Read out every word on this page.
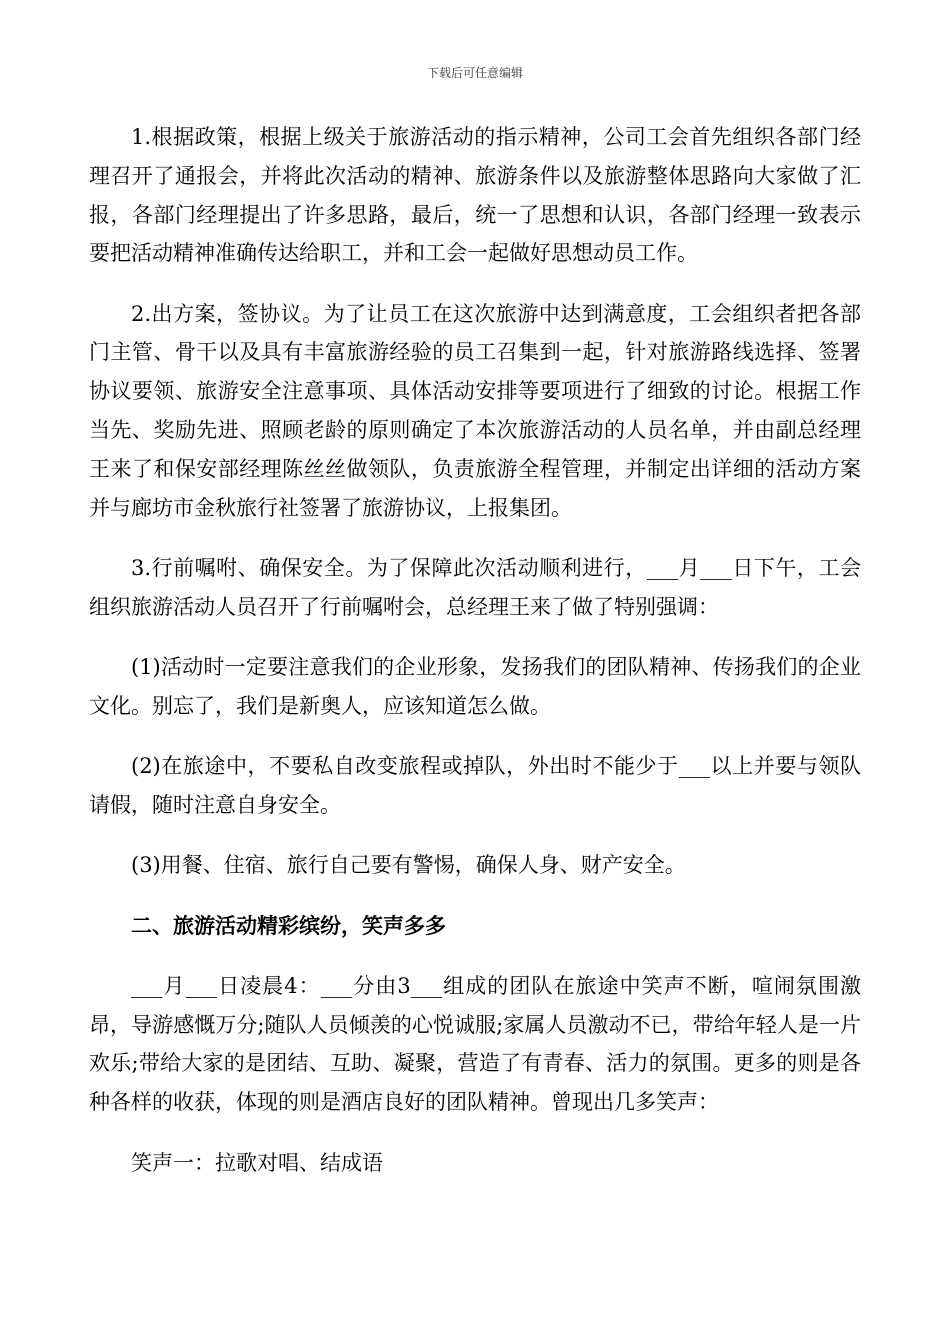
下载后可任意编辑

1.根据政策，根据上级关于旅游活动的指示精神，公司工会首先组织各部门经理召开了通报会，并将此次活动的精神、旅游条件以及旅游整体思路向大家做了汇报，各部门经理提出了许多思路，最后，统一了思想和认识，各部门经理一致表示要把活动精神准确传达给职工，并和工会一起做好思想动员工作。

2.出方案，签协议。为了让员工在这次旅游中达到满意度，工会组织者把各部门主管、骨干以及具有丰富旅游经验的员工召集到一起，针对旅游路线选择、签署协议要领、旅游安全注意事项、具体活动安排等要项进行了细致的讨论。根据工作当先、奖励先进、照顾老龄的原则确定了本次旅游活动的人员名单，并由副总经理王来了和保安部经理陈丝丝做领队，负责旅游全程管理，并制定出详细的活动方案并与廊坊市金秋旅行社签署了旅游协议，上报集团。

3.行前嘱咐、确保安全。为了保障此次活动顺利进行，___月___日下午，工会组织旅游活动人员召开了行前嘱咐会，总经理王来了做了特别强调：

(1)活动时一定要注意我们的企业形象，发扬我们的团队精神、传扬我们的企业文化。别忘了，我们是新奥人，应该知道怎么做。

(2)在旅途中，不要私自改变旅程或掉队，外出时不能少于___以上并要与领队请假，随时注意自身安全。

(3)用餐、住宿、旅行自己要有警惕，确保人身、财产安全。

二、旅游活动精彩缤纷，笑声多多

___月___日凌晨4：___分由3___组成的团队在旅途中笑声不断，喧闹氛围激昂，导游感慨万分;随队人员倾羡的心悦诚服;家属人员激动不已，带给年轻人是一片欢乐;带给大家的是团结、互助、凝聚，营造了有青春、活力的氛围。更多的则是各种各样的收获，体现的则是酒店良好的团队精神。曾现出几多笑声：

笑声一：拉歌对唱、结成语
